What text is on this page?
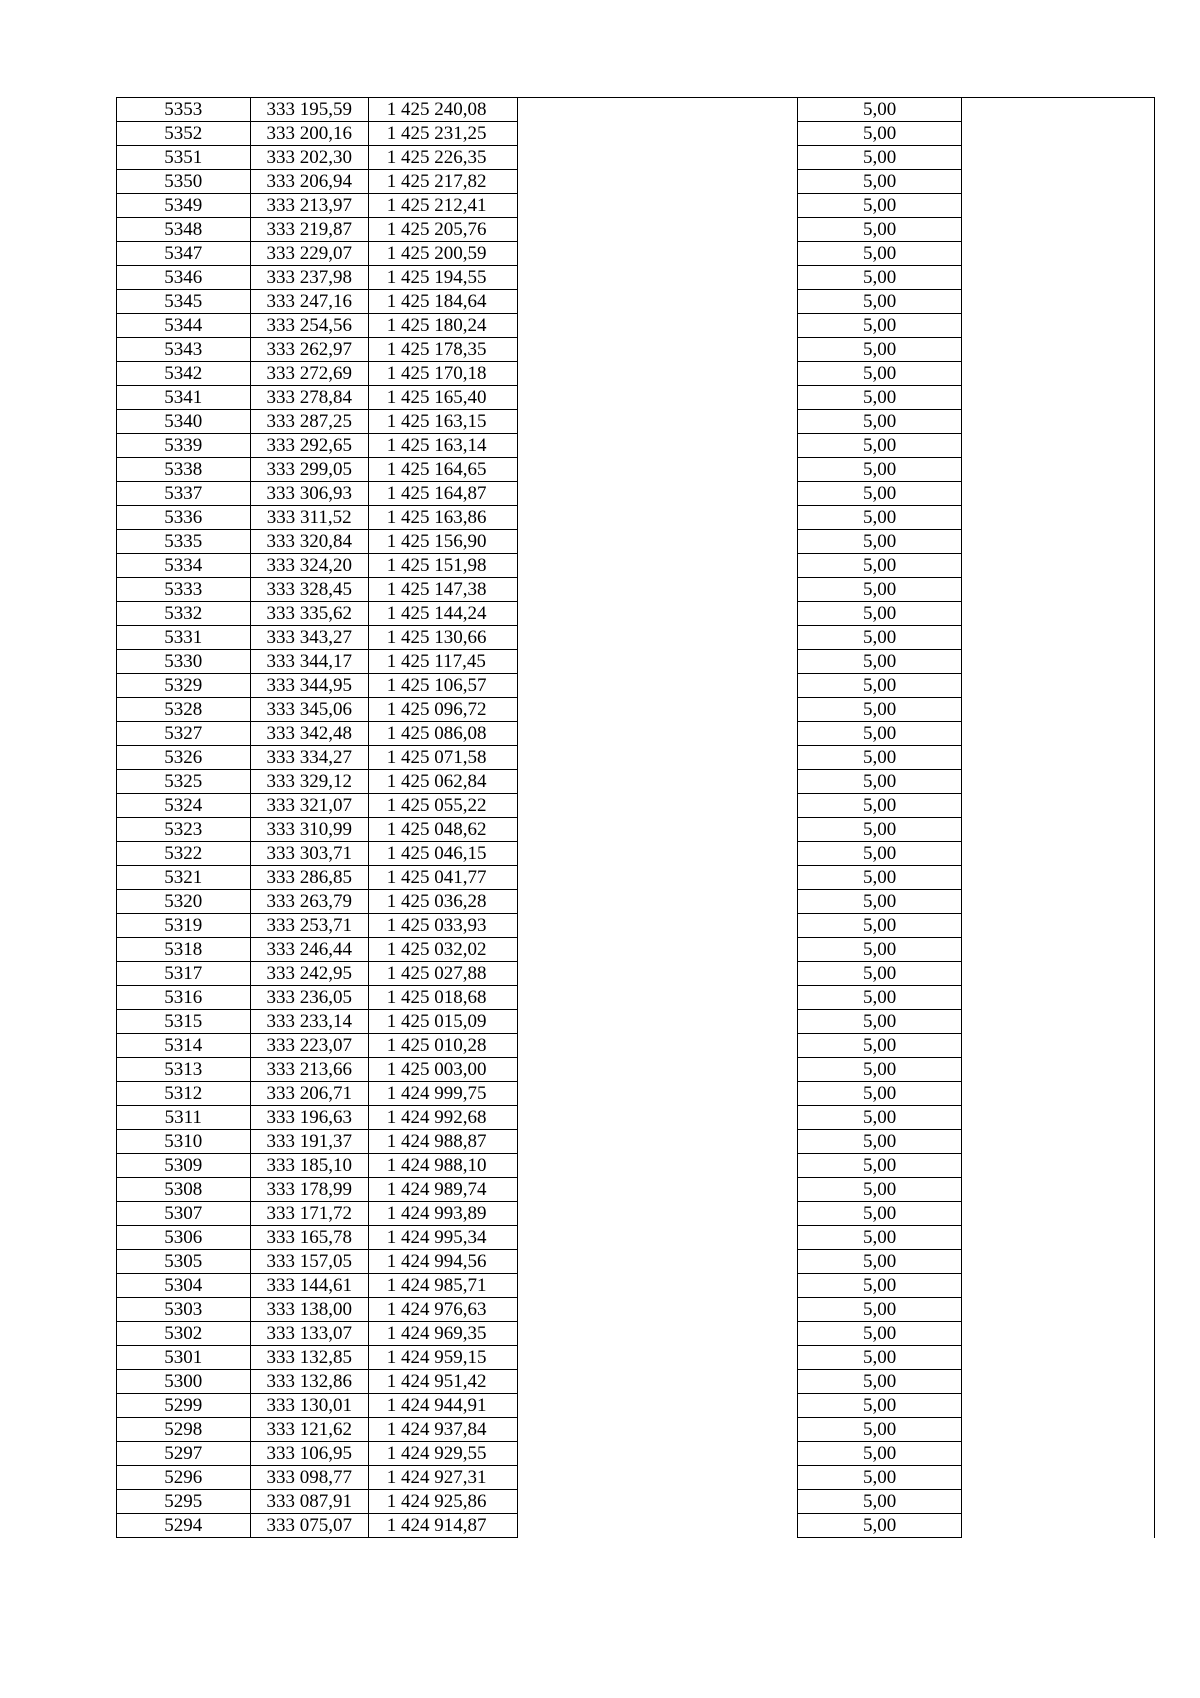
5353	333 195,59	1 425 240,08		5,00	
5352	333 200,16	1 425 231,25		5,00	
5351	333 202,30	1 425 226,35		5,00	
5350	333 206,94	1 425 217,82		5,00	
5349	333 213,97	1 425 212,41		5,00	
5348	333 219,87	1 425 205,76		5,00	
5347	333 229,07	1 425 200,59		5,00	
5346	333 237,98	1 425 194,55		5,00	
5345	333 247,16	1 425 184,64		5,00	
5344	333 254,56	1 425 180,24		5,00	
5343	333 262,97	1 425 178,35		5,00	
5342	333 272,69	1 425 170,18		5,00	
5341	333 278,84	1 425 165,40		5,00	
5340	333 287,25	1 425 163,15		5,00	
5339	333 292,65	1 425 163,14		5,00	
5338	333 299,05	1 425 164,65		5,00	
5337	333 306,93	1 425 164,87		5,00	
5336	333 311,52	1 425 163,86		5,00	
5335	333 320,84	1 425 156,90		5,00	
5334	333 324,20	1 425 151,98		5,00	
5333	333 328,45	1 425 147,38		5,00	
5332	333 335,62	1 425 144,24		5,00	
5331	333 343,27	1 425 130,66		5,00	
5330	333 344,17	1 425 117,45		5,00	
5329	333 344,95	1 425 106,57		5,00	
5328	333 345,06	1 425 096,72		5,00	
5327	333 342,48	1 425 086,08		5,00	
5326	333 334,27	1 425 071,58		5,00	
5325	333 329,12	1 425 062,84		5,00	
5324	333 321,07	1 425 055,22		5,00	
5323	333 310,99	1 425 048,62		5,00	
5322	333 303,71	1 425 046,15		5,00	
5321	333 286,85	1 425 041,77		5,00	
5320	333 263,79	1 425 036,28		5,00	
5319	333 253,71	1 425 033,93		5,00	
5318	333 246,44	1 425 032,02		5,00	
5317	333 242,95	1 425 027,88		5,00	
5316	333 236,05	1 425 018,68		5,00	
5315	333 233,14	1 425 015,09		5,00	
5314	333 223,07	1 425 010,28		5,00	
5313	333 213,66	1 425 003,00		5,00	
5312	333 206,71	1 424 999,75		5,00	
5311	333 196,63	1 424 992,68		5,00	
5310	333 191,37	1 424 988,87		5,00	
5309	333 185,10	1 424 988,10		5,00	
5308	333 178,99	1 424 989,74		5,00	
5307	333 171,72	1 424 993,89		5,00	
5306	333 165,78	1 424 995,34		5,00	
5305	333 157,05	1 424 994,56		5,00	
5304	333 144,61	1 424 985,71		5,00	
5303	333 138,00	1 424 976,63		5,00	
5302	333 133,07	1 424 969,35		5,00	
5301	333 132,85	1 424 959,15		5,00	
5300	333 132,86	1 424 951,42		5,00	
5299	333 130,01	1 424 944,91		5,00	
5298	333 121,62	1 424 937,84		5,00	
5297	333 106,95	1 424 929,55		5,00	
5296	333 098,77	1 424 927,31		5,00	
5295	333 087,91	1 424 925,86		5,00	
5294	333 075,07	1 424 914,87		5,00	
